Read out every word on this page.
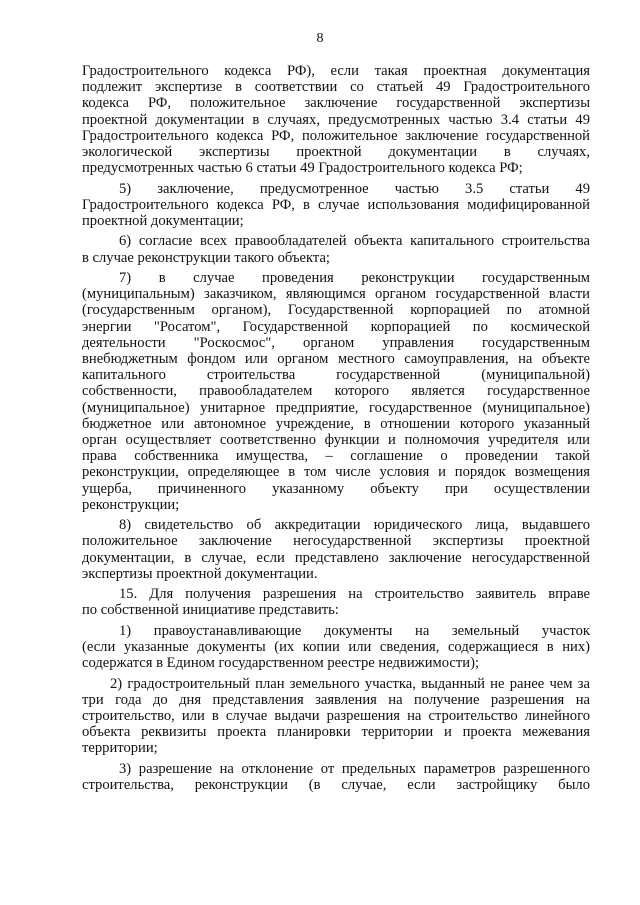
8
Градостроительного кодекса РФ), если такая проектная документация
подлежит экспертизе в соответствии со статьей 49 Градостроительного
кодекса РФ, положительное заключение государственной экспертизы
проектной документации в случаях, предусмотренных частью 3.4 статьи 49
Градостроительного кодекса РФ, положительное заключение государственной
экологической экспертизы проектной документации в случаях,
предусмотренных частью 6 статьи 49 Градостроительного кодекса РФ;
5) заключение, предусмотренное частью 3.5 статьи 49
Градостроительного кодекса РФ, в случае использования модифицированной
проектной документации;
6) согласие всех правообладателей объекта капитального строительства
в случае реконструкции такого объекта;
7) в случае проведения реконструкции государственным
(муниципальным) заказчиком, являющимся органом государственной власти
(государственным органом), Государственной корпорацией по атомной
энергии "Росатом", Государственной корпорацией по космической
деятельности "Роскосмос", органом управления государственным
внебюджетным фондом или органом местного самоуправления, на объекте
капитального строительства государственной (муниципальной)
собственности, правообладателем которого является государственное
(муниципальное) унитарное предприятие, государственное (муниципальное)
бюджетное или автономное учреждение, в отношении которого указанный
орган осуществляет соответственно функции и полномочия учредителя или
права собственника имущества, – соглашение о проведении такой
реконструкции, определяющее в том числе условия и порядок возмещения
ущерба, причиненного указанному объекту при осуществлении
реконструкции;
8) свидетельство об аккредитации юридического лица, выдавшего
положительное заключение негосударственной экспертизы проектной
документации, в случае, если представлено заключение негосударственной
экспертизы проектной документации.
15. Для получения разрешения на строительство заявитель вправе
по собственной инициативе представить:
1) правоустанавливающие документы на земельный участок
(если указанные документы (их копии или сведения, содержащиеся в них)
содержатся в Едином государственном реестре недвижимости);
2) градостроительный план земельного участка, выданный не ранее чем за
три года до дня представления заявления на получение разрешения на
строительство, или в случае выдачи разрешения на строительство линейного
объекта реквизиты проекта планировки территории и проекта межевания
территории;
3) разрешение на отклонение от предельных параметров разрешенного
строительства, реконструкции (в случае, если застройщику было
